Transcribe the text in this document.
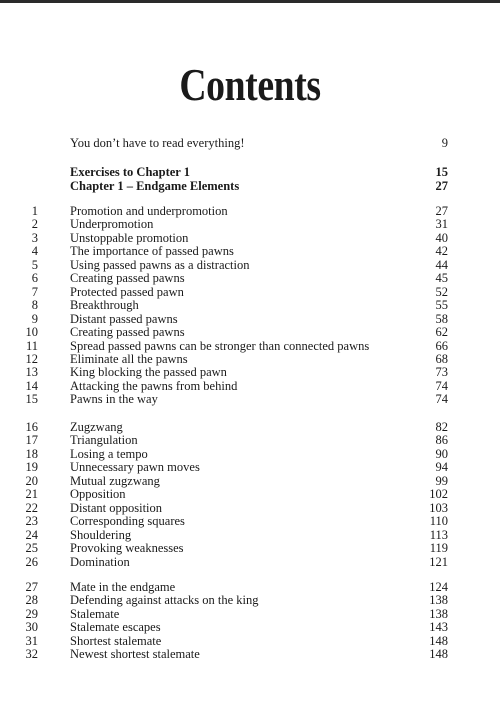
Contents
You don’t have to read everything!	9
Exercises to Chapter 1	15
Chapter 1 – Endgame Elements	27
1	Promotion and underpromotion	27
2	Underpromotion	31
3	Unstoppable promotion	40
4	The importance of passed pawns	42
5	Using passed pawns as a distraction	44
6	Creating passed pawns	45
7	Protected passed pawn	52
8	Breakthrough	55
9	Distant passed pawns	58
10	Creating passed pawns	62
11	Spread passed pawns can be stronger than connected pawns	66
12	Eliminate all the pawns	68
13	King blocking the passed pawn	73
14	Attacking the pawns from behind	74
15	Pawns in the way	74
16	Zugzwang	82
17	Triangulation	86
18	Losing a tempo	90
19	Unnecessary pawn moves	94
20	Mutual zugzwang	99
21	Opposition	102
22	Distant opposition	103
23	Corresponding squares	110
24	Shouldering	113
25	Provoking weaknesses	119
26	Domination	121
27	Mate in the endgame	124
28	Defending against attacks on the king	138
29	Stalemate	138
30	Stalemate escapes	143
31	Shortest stalemate	148
32	Newest shortest stalemate	148
